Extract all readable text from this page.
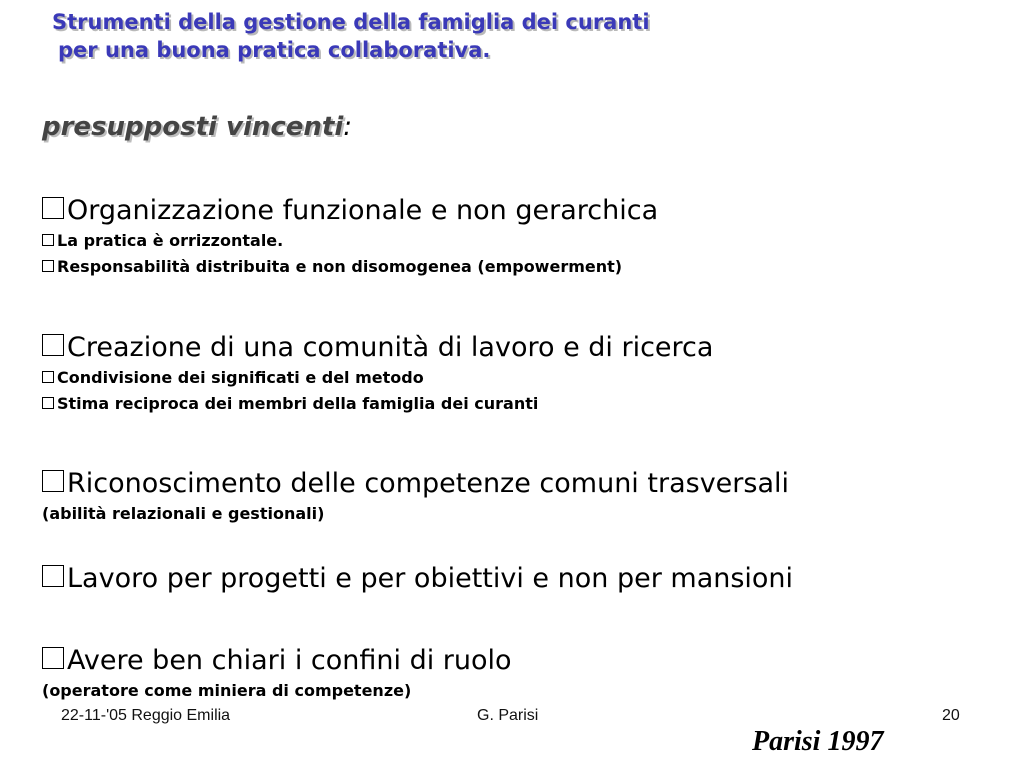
Strumenti della gestione della famiglia dei curanti
per una buona pratica collaborativa.
presupposti vincenti:
Organizzazione funzionale e non gerarchica
La pratica è orrizzontale.
Responsabilità distribuita e non disomogenea (empowerment)
Creazione di una comunità di lavoro e di ricerca
Condivisione dei significati e del metodo
Stima reciproca dei membri della famiglia dei curanti
Riconoscimento delle competenze comuni trasversali
(abilità relazionali e gestionali)
Lavoro per progetti e per obiettivi e non per mansioni
Avere ben chiari i confini di ruolo
(operatore come miniera di competenze)
22-11-'05 Reggio Emilia	G. Parisi	20
Parisi 1997
